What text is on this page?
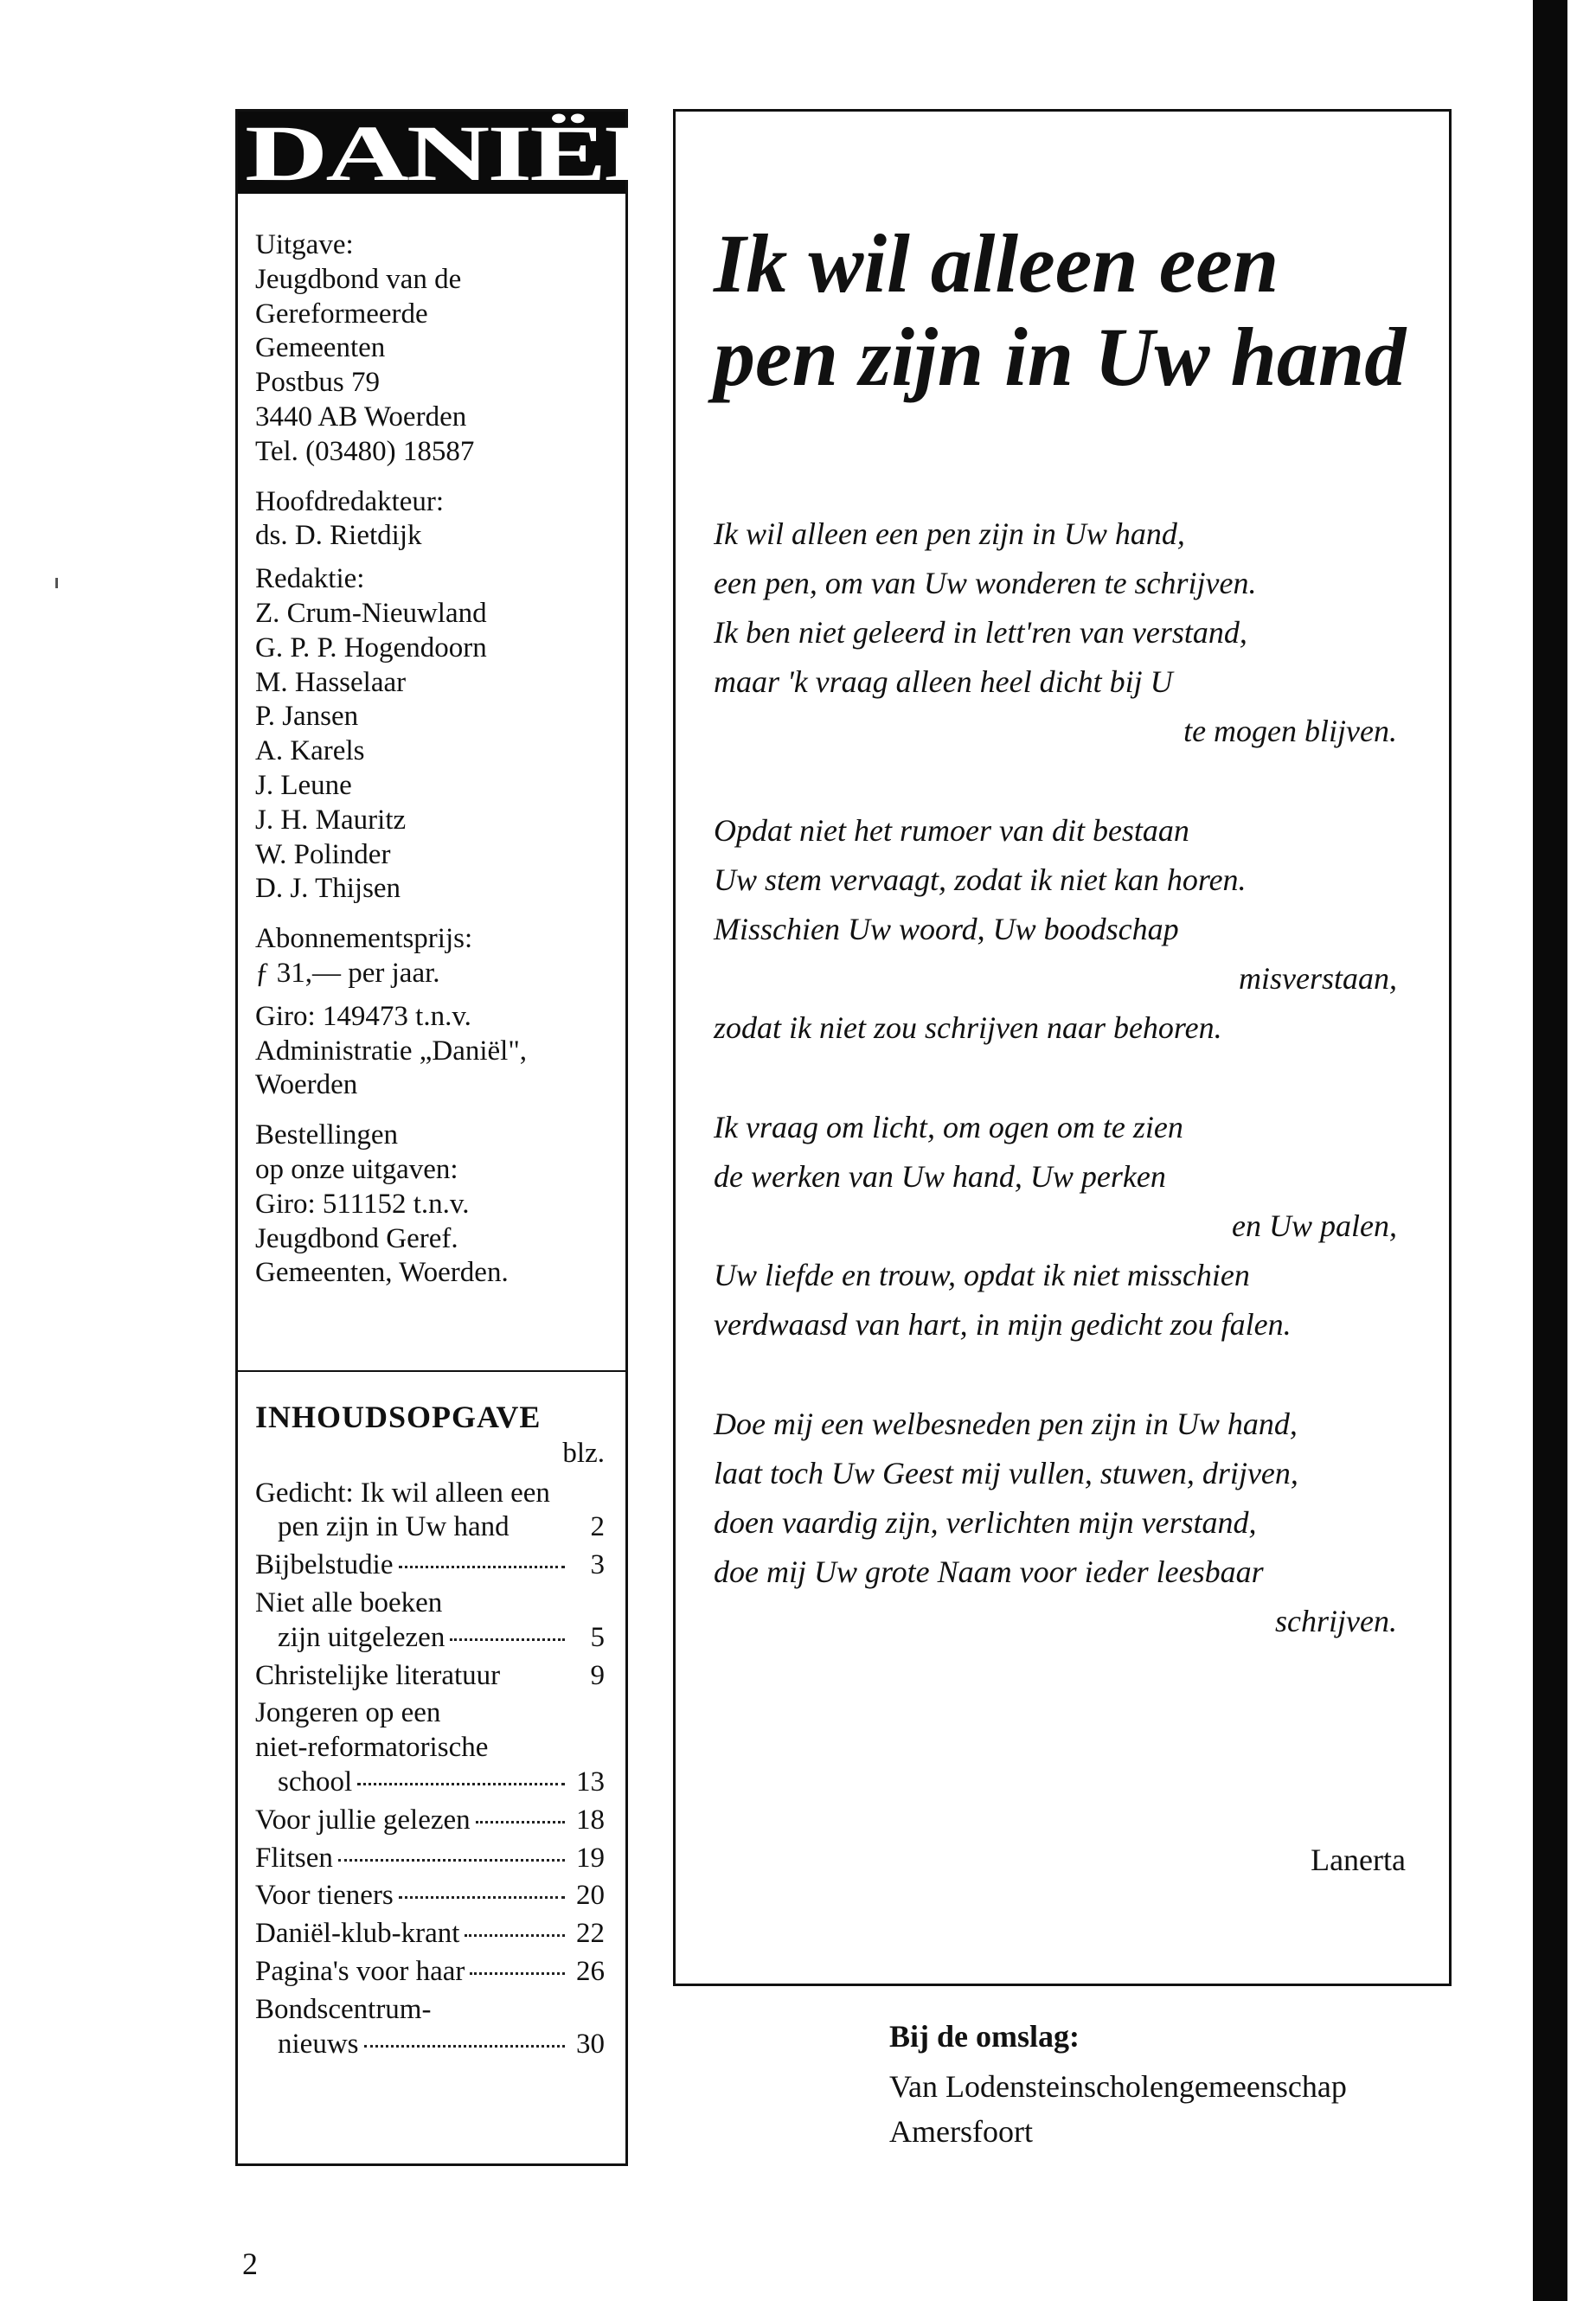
DANIËL

Uitgave:

Jeugdbond van de

Gereformeerde

Gemeenten

Postbus 79

3440 AB Woerden

Tel. (03480) 18587

Hoofdredakteur:

ds. D. Rietdijk

Redaktie:

Z. Crum-Nieuwland

G. P. P. Hogendoorn

M. Hasselaar

P. Jansen

A. Karels

J. Leune

J. H. Mauritz

W. Polinder

D. J. Thijsen

Abonnementsprijs:

ƒ 31,— per jaar.

Giro: 149473 t.n.v.

Administratie „Daniël",

Woerden

Bestellingen

op onze uitgaven:

Giro: 511152 t.n.v.

Jeugdbond Geref.

Gemeenten, Woerden.

INHOUDSOPGAVE

blz.

Gedicht: Ik wil alleen een
pen zijn in Uw hand	2
Bijbelstudie	3
Niet alle boeken
zijn uitgelezen	5
Christelijke literatuur	9
Jongeren op een
niet-reformatorische
school	13
Voor jullie gelezen	18
Flitsen	19
Voor tieners	20
Daniël-klub-krant	22
Pagina's voor haar	26
Bondscentrum-
nieuws	30
Ik wil alleen een
pen zijn in Uw hand

Ik wil alleen een pen zijn in Uw hand,

een pen, om van Uw wonderen te schrijven.

Ik ben niet geleerd in lett'ren van verstand,

maar 'k vraag alleen heel dicht bij U

te mogen blijven.

Opdat niet het rumoer van dit bestaan

Uw stem vervaagt, zodat ik niet kan horen.

Misschien Uw woord, Uw boodschap

misverstaan,

zodat ik niet zou schrijven naar behoren.

Ik vraag om licht, om ogen om te zien

de werken van Uw hand, Uw perken

en Uw palen,

Uw liefde en trouw, opdat ik niet misschien

verdwaasd van hart, in mijn gedicht zou falen.

Doe mij een welbesneden pen zijn in Uw hand,

laat toch Uw Geest mij vullen, stuwen, drijven,

doen vaardig zijn, verlichten mijn verstand,

doe mij Uw grote Naam voor ieder leesbaar

schrijven.

Lanerta

Bij de omslag:

Van Lodensteinscholengemeenschap

Amersfoort

2
